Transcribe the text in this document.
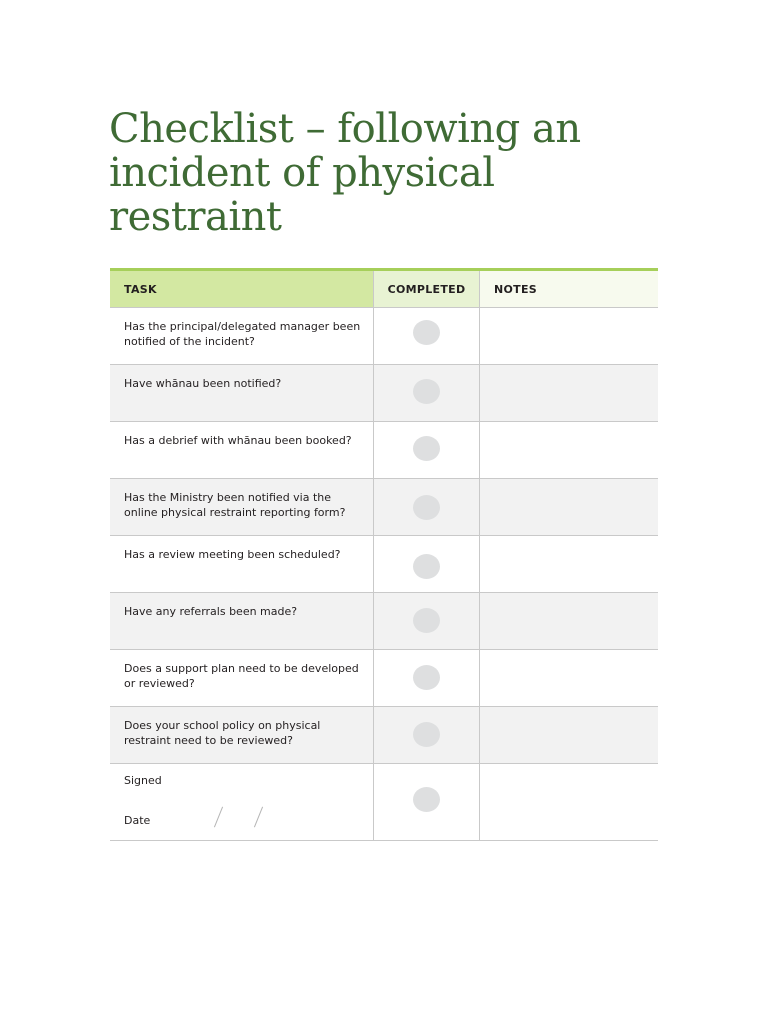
Checklist – following an incident of physical restraint
TASK	COMPLETED	NOTES
Has the principal/delegated manager been notified of the incident?
Have whānau been notified?
Has a debrief with whānau been booked?
Has the Ministry been notified via the online physical restraint reporting form?
Has a review meeting been scheduled?
Have any referrals been made?
Does a support plan need to be developed or reviewed?
Does your school policy on physical restraint need to be reviewed?
Signed
Date
